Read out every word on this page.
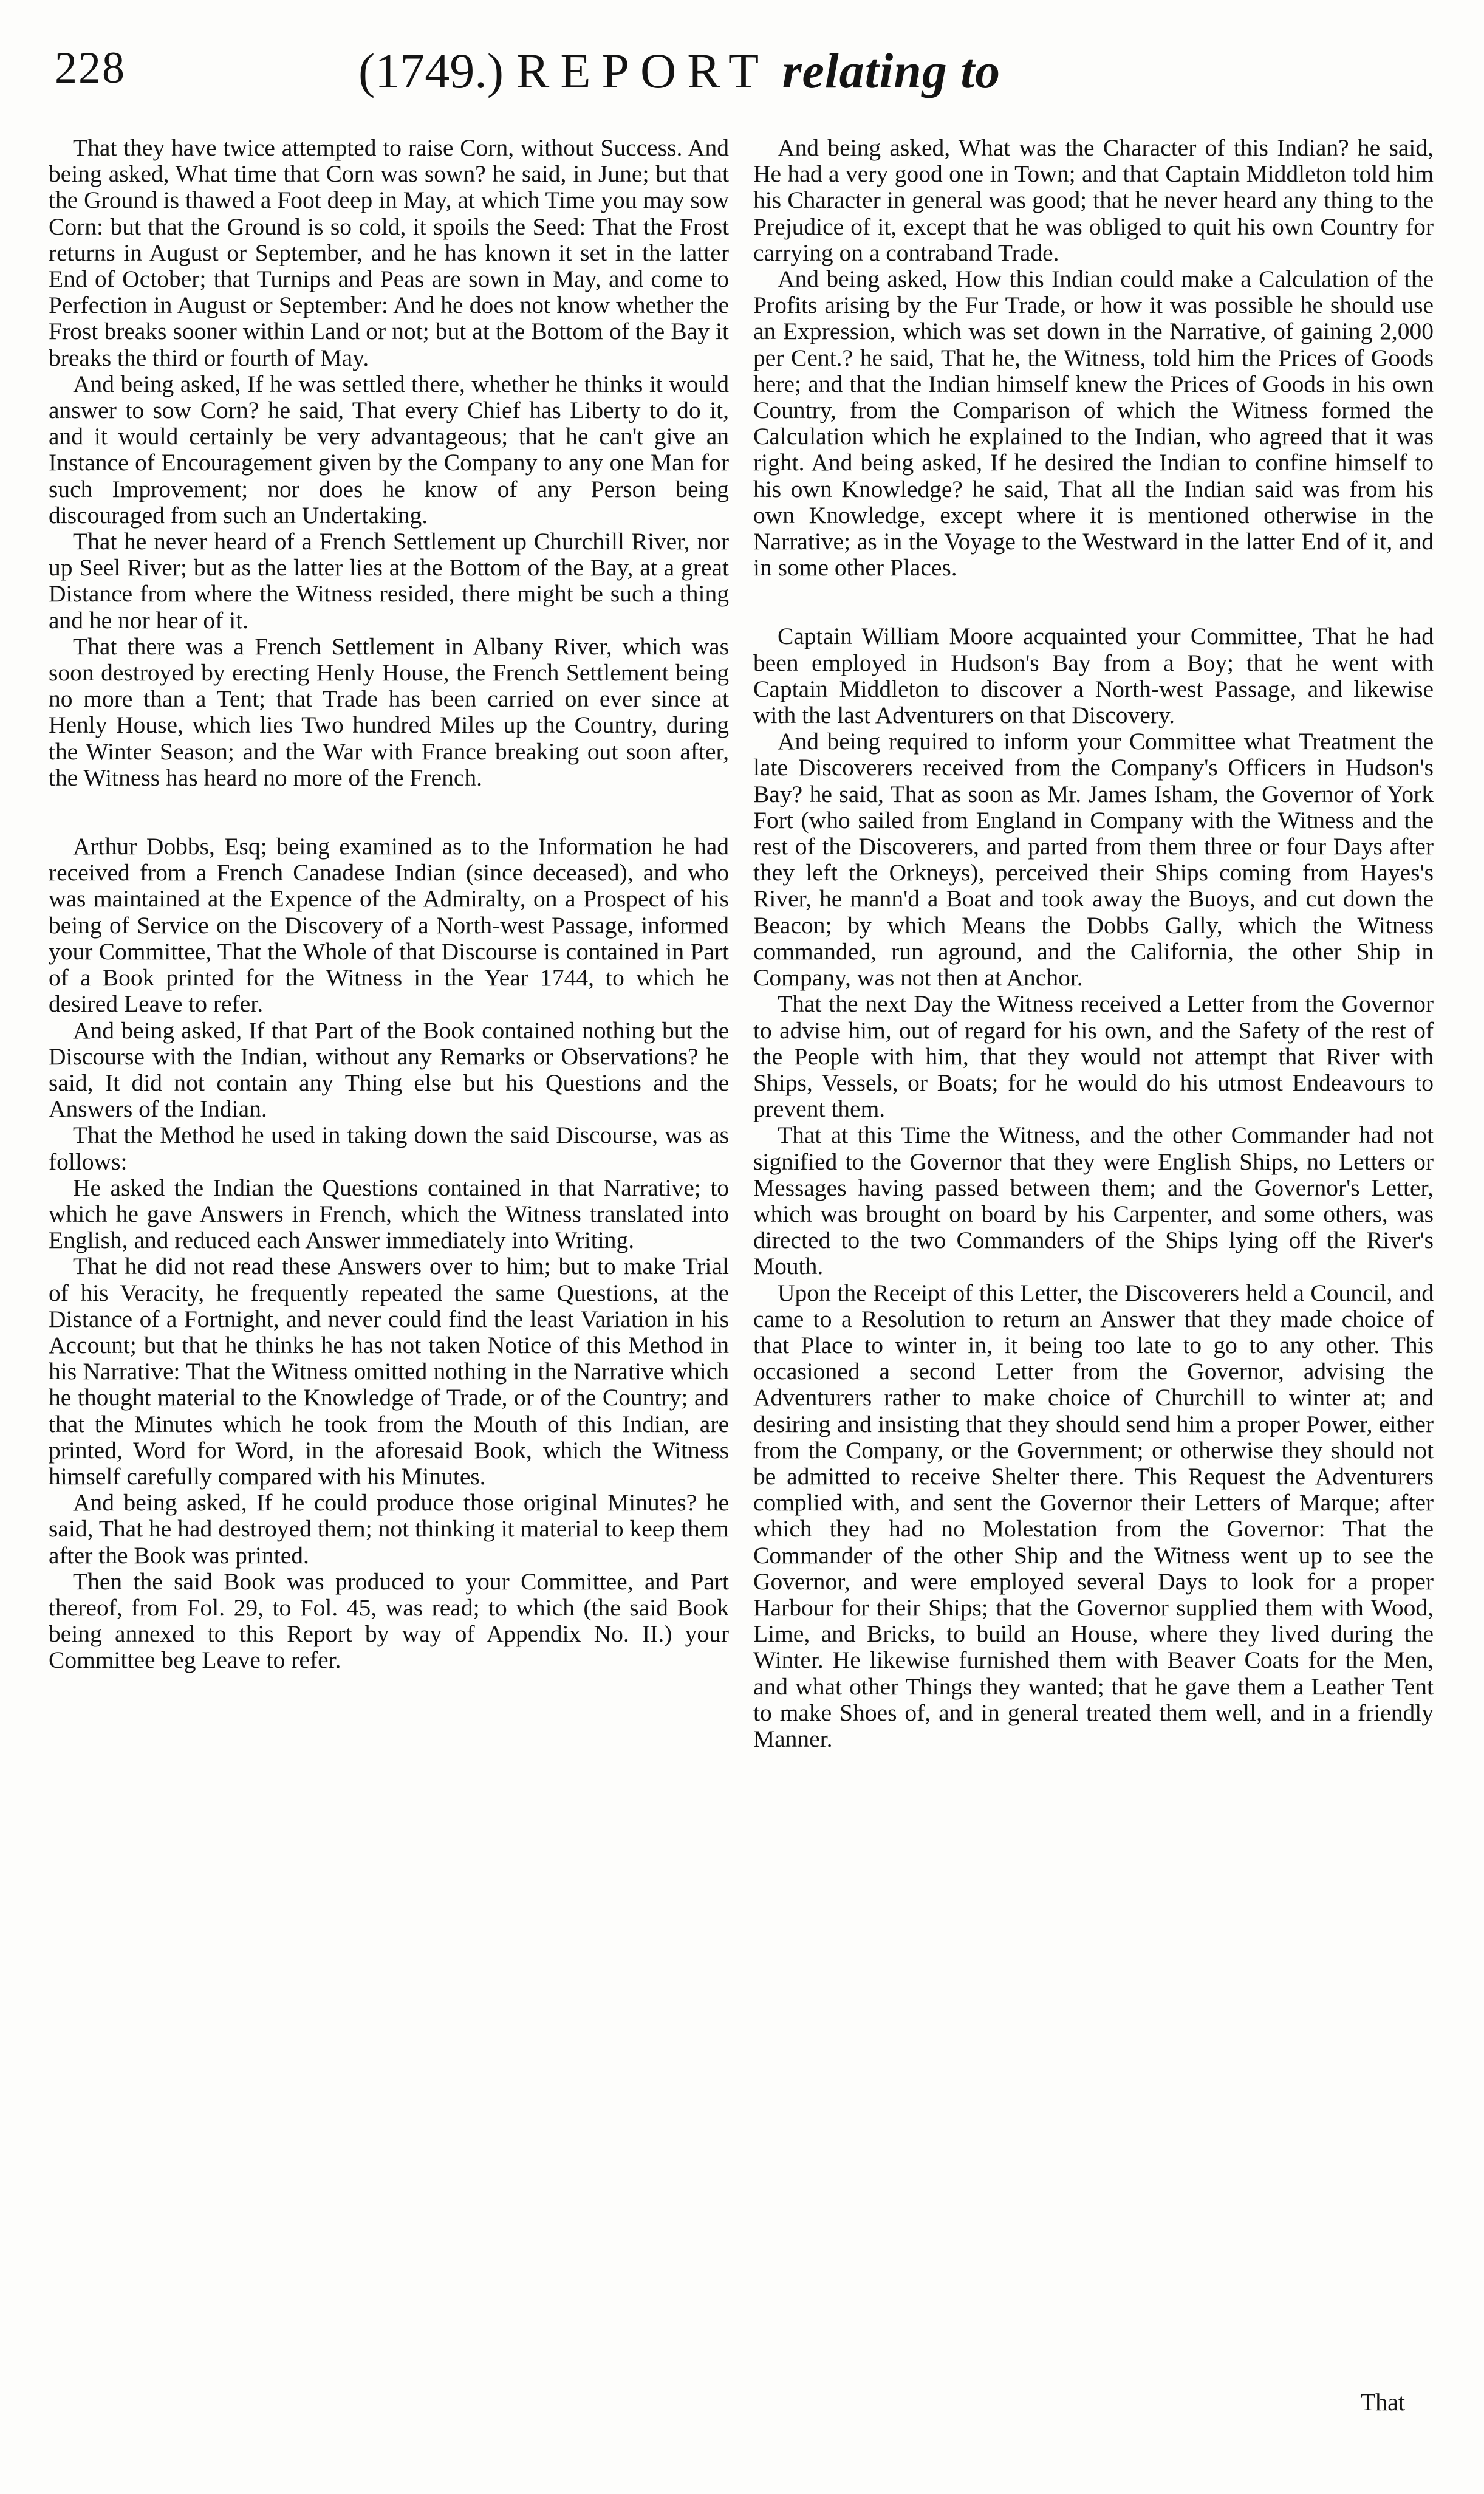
228	(1749.) REPORT relating to

That they have twice attempted to raise Corn, without Success. And being asked, What time that Corn was sown? he said, in June; but that the Ground is thawed a Foot deep in May, at which Time you may sow Corn: but that the Ground is so cold, it spoils the Seed: That the Frost returns in August or September, and he has known it set in the latter End of October; that Turnips and Peas are sown in May, and come to Perfection in August or September: And he does not know whether the Frost breaks sooner within Land or not; but at the Bottom of the Bay it breaks the third or fourth of May.

And being asked, If he was settled there, whether he thinks it would answer to sow Corn? he said, That every Chief has Liberty to do it, and it would certainly be very advantageous; that he can't give an Instance of Encouragement given by the Company to any one Man for such Improvement; nor does he know of any Person being discouraged from such an Undertaking.

That he never heard of a French Settlement up Churchill River, nor up Seel River; but as the latter lies at the Bottom of the Bay, at a great Distance from where the Witness resided, there might be such a thing and he nor hear of it.

That there was a French Settlement in Albany River, which was soon destroyed by erecting Henly House, the French Settlement being no more than a Tent; that Trade has been carried on ever since at Henly House, which lies Two hundred Miles up the Country, during the Winter Season; and the War with France breaking out soon after, the Witness has heard no more of the French.

Arthur Dobbs, Esq; being examined as to the Information he had received from a French Canadese Indian (since deceased), and who was maintained at the Expence of the Admiralty, on a Prospect of his being of Service on the Discovery of a North-west Passage, informed your Committee, That the Whole of that Discourse is contained in Part of a Book printed for the Witness in the Year 1744, to which he desired Leave to refer.

And being asked, If that Part of the Book contained nothing but the Discourse with the Indian, without any Remarks or Observations? he said, It did not contain any Thing else but his Questions and the Answers of the Indian.

That the Method he used in taking down the said Discourse, was as follows:

He asked the Indian the Questions contained in that Narrative; to which he gave Answers in French, which the Witness translated into English, and reduced each Answer immediately into Writing.

That he did not read these Answers over to him; but to make Trial of his Veracity, he frequently repeated the same Questions, at the Distance of a Fortnight, and never could find the least Variation in his Account; but that he thinks he has not taken Notice of this Method in his Narrative: That the Witness omitted nothing in the Narrative which he thought material to the Knowledge of Trade, or of the Country; and that the Minutes which he took from the Mouth of this Indian, are printed, Word for Word, in the aforesaid Book, which the Witness himself carefully compared with his Minutes.

And being asked, If he could produce those original Minutes? he said, That he had destroyed them; not thinking it material to keep them after the Book was printed.

Then the said Book was produced to your Committee, and Part thereof, from Fol. 29, to Fol. 45, was read; to which (the said Book being annexed to this Report by way of Appendix No. II.) your Committee beg Leave to refer.

And being asked, What was the Character of this Indian? he said, He had a very good one in Town; and that Captain Middleton told him his Character in general was good; that he never heard any thing to the Prejudice of it, except that he was obliged to quit his own Country for carrying on a contraband Trade.

And being asked, How this Indian could make a Calculation of the Profits arising by the Fur Trade, or how it was possible he should use an Expression, which was set down in the Narrative, of gaining 2,000 per Cent.? he said, That he, the Witness, told him the Prices of Goods here; and that the Indian himself knew the Prices of Goods in his own Country, from the Comparison of which the Witness formed the Calculation which he explained to the Indian, who agreed that it was right. And being asked, If he desired the Indian to confine himself to his own Knowledge? he said, That all the Indian said was from his own Knowledge, except where it is mentioned otherwise in the Narrative; as in the Voyage to the Westward in the latter End of it, and in some other Places.

Captain William Moore acquainted your Committee, That he had been employed in Hudson's Bay from a Boy; that he went with Captain Middleton to discover a North-west Passage, and likewise with the last Adventurers on that Discovery.

And being required to inform your Committee what Treatment the late Discoverers received from the Company's Officers in Hudson's Bay? he said, That as soon as Mr. James Isham, the Governor of York Fort (who sailed from England in Company with the Witness and the rest of the Discoverers, and parted from them three or four Days after they left the Orkneys), perceived their Ships coming from Hayes's River, he mann'd a Boat and took away the Buoys, and cut down the Beacon; by which Means the Dobbs Gally, which the Witness commanded, run aground, and the California, the other Ship in Company, was not then at Anchor.

That the next Day the Witness received a Letter from the Governor to advise him, out of regard for his own, and the Safety of the rest of the People with him, that they would not attempt that River with Ships, Vessels, or Boats; for he would do his utmost Endeavours to prevent them.

That at this Time the Witness, and the other Commander had not signified to the Governor that they were English Ships, no Letters or Messages having passed between them; and the Governor's Letter, which was brought on board by his Carpenter, and some others, was directed to the two Commanders of the Ships lying off the River's Mouth.

Upon the Receipt of this Letter, the Discoverers held a Council, and came to a Resolution to return an Answer that they made choice of that Place to winter in, it being too late to go to any other. This occasioned a second Letter from the Governor, advising the Adventurers rather to make choice of Churchill to winter at; and desiring and insisting that they should send him a proper Power, either from the Company, or the Government; or otherwise they should not be admitted to receive Shelter there. This Request the Adventurers complied with, and sent the Governor their Letters of Marque; after which they had no Molestation from the Governor: That the Commander of the other Ship and the Witness went up to see the Governor, and were employed several Days to look for a proper Harbour for their Ships; that the Governor supplied them with Wood, Lime, and Bricks, to build an House, where they lived during the Winter. He likewise furnished them with Beaver Coats for the Men, and what other Things they wanted; that he gave them a Leather Tent to make Shoes of, and in general treated them well, and in a friendly Manner.

That
